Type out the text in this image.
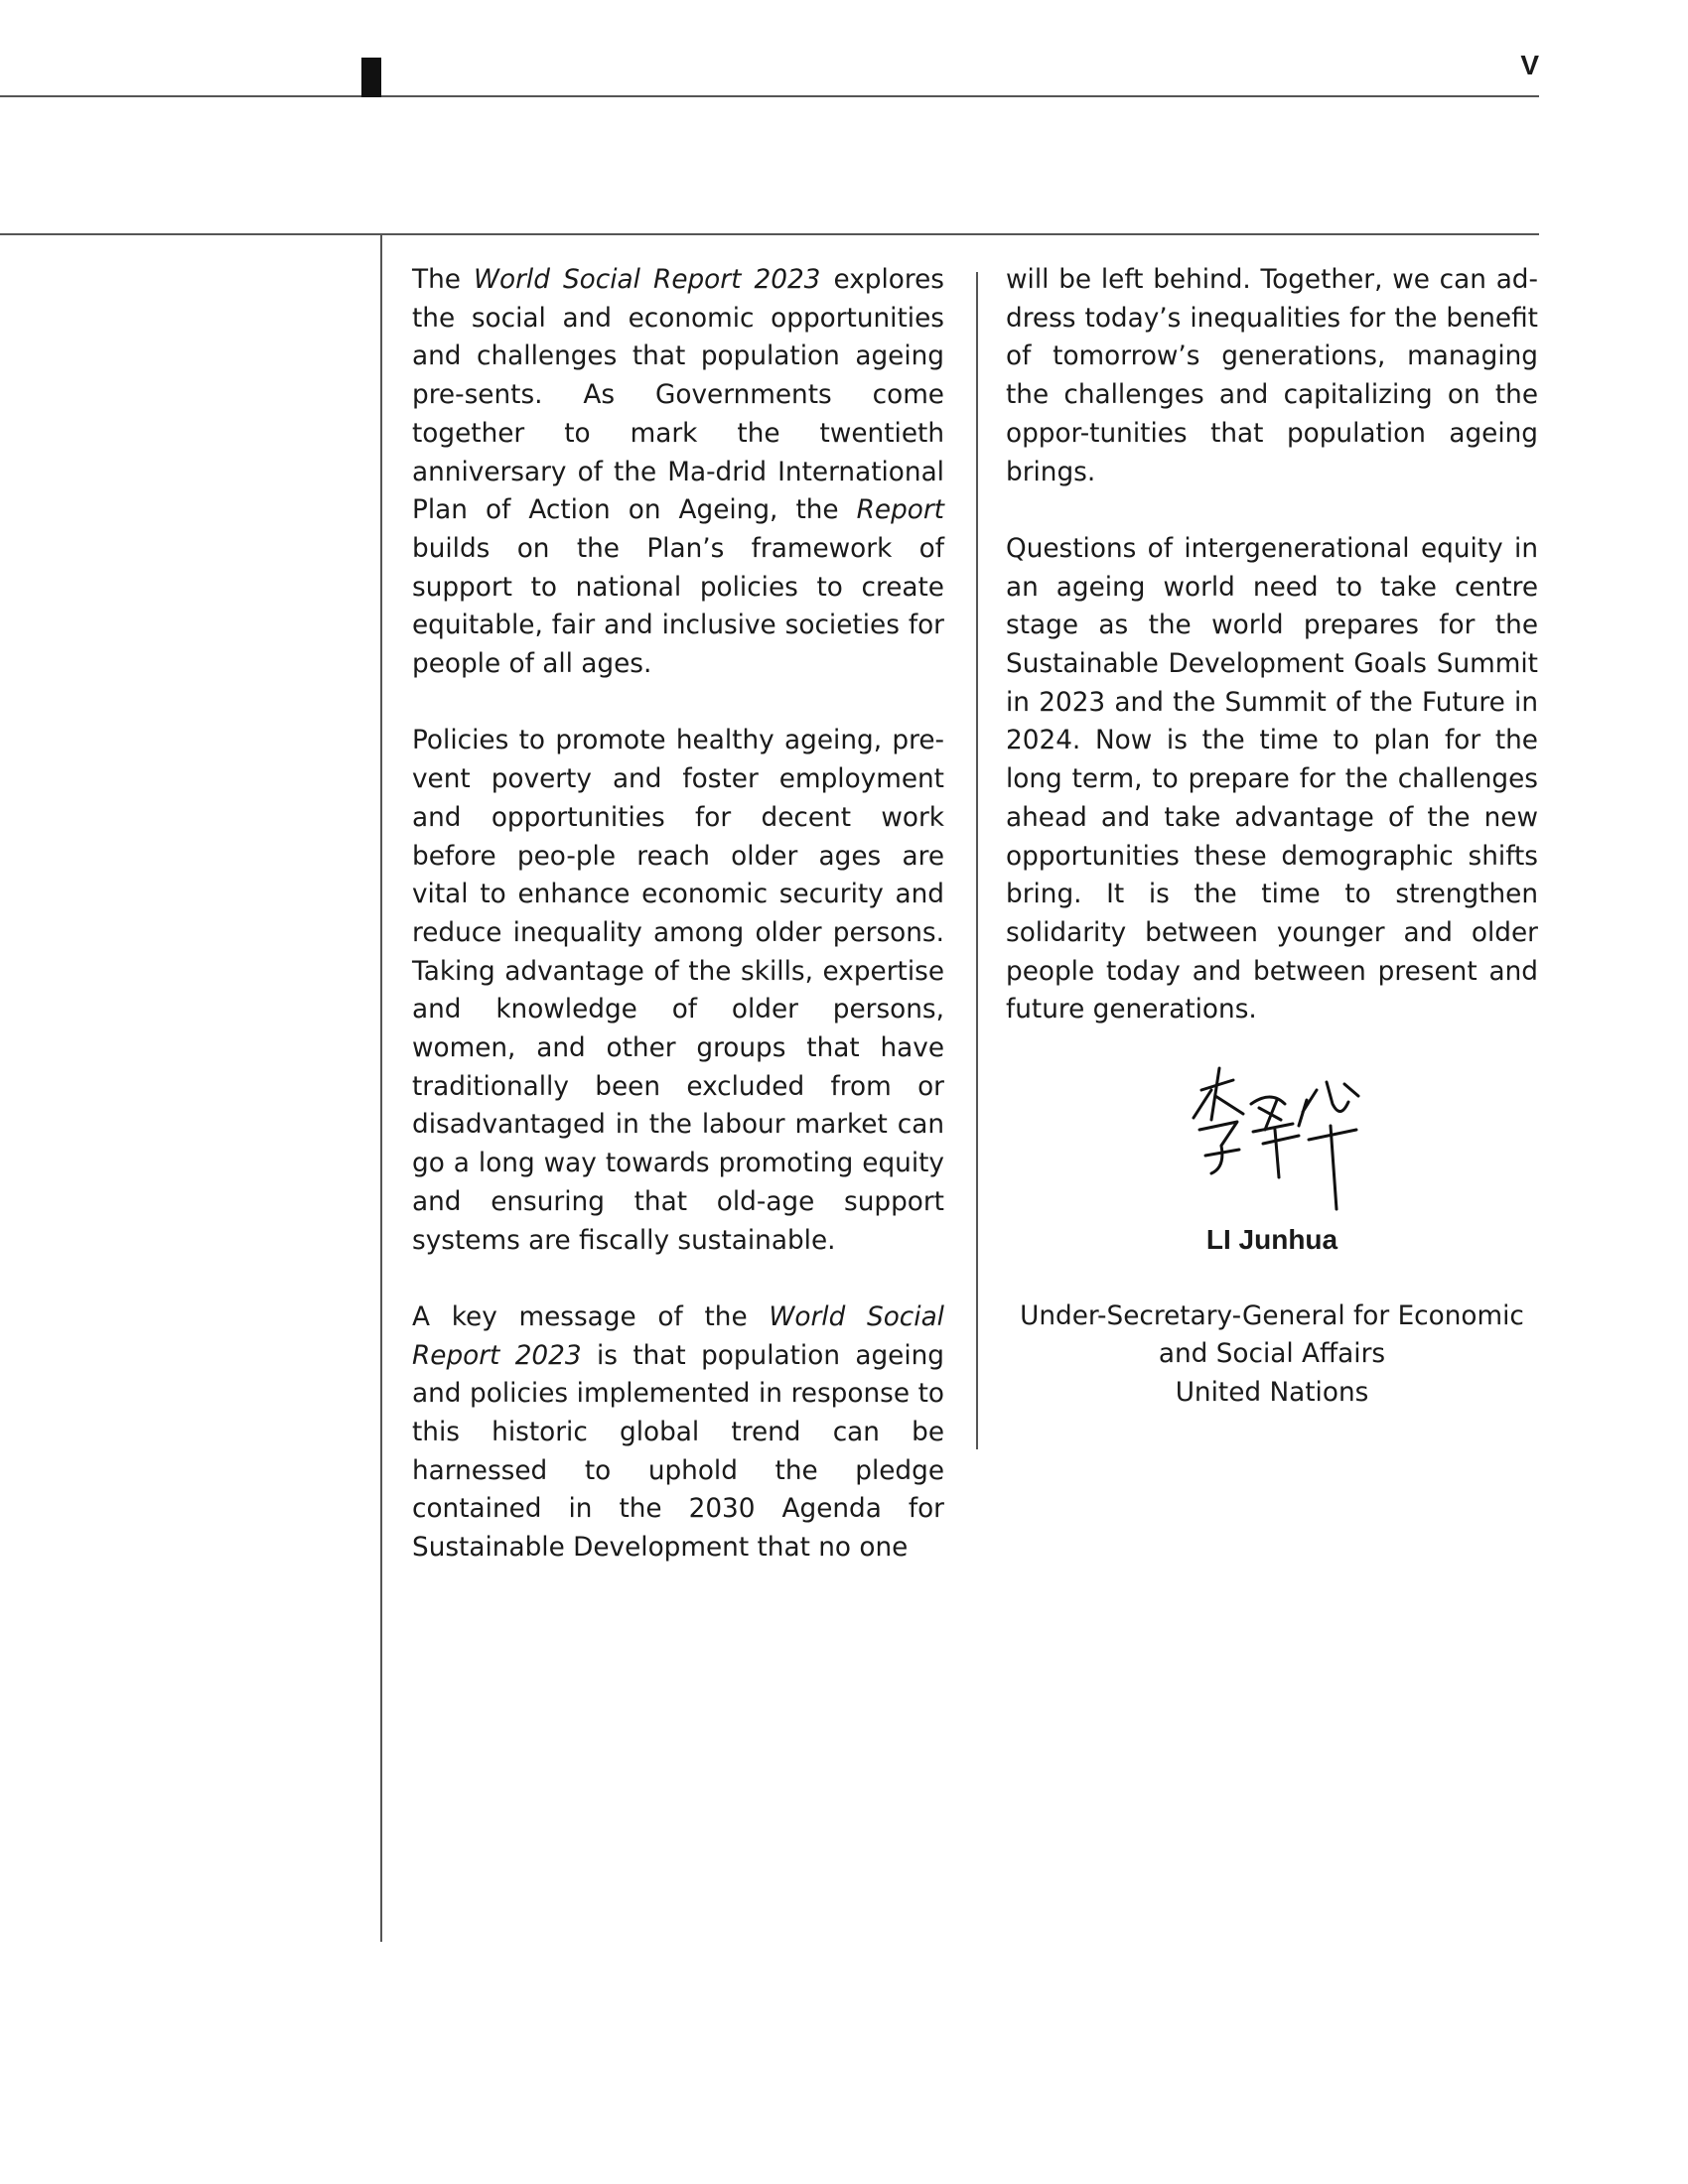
V

The World Social Report 2023 explores the social and economic opportunities and challenges that population ageing pre-sents. As Governments come together to mark the twentieth anniversary of the Ma-drid International Plan of Action on Ageing, the Report builds on the Plan’s framework of support to national policies to create equitable, fair and inclusive societies for people of all ages.

Policies to promote healthy ageing, pre-vent poverty and foster employment and opportunities for decent work before peo-ple reach older ages are vital to enhance economic security and reduce inequality among older persons. Taking advantage of the skills, expertise and knowledge of older persons, women, and other groups that have traditionally been excluded from or disadvantaged in the labour market can go a long way towards promoting equity and ensuring that old-age support systems are fiscally sustainable.

A key message of the World Social Report 2023 is that population ageing and policies implemented in response to this historic global trend can be harnessed to uphold the pledge contained in the 2030 Agenda for Sustainable Development that no one

will be left behind. Together, we can ad-dress today’s inequalities for the benefit of tomorrow’s generations, managing the challenges and capitalizing on the oppor-tunities that population ageing brings.

Questions of intergenerational equity in an ageing world need to take centre stage as the world prepares for the Sustainable Development Goals Summit in 2023 and the Summit of the Future in 2024. Now is the time to plan for the long term, to prepare for the challenges ahead and take advantage of the new opportunities these demographic shifts bring. It is the time to strengthen solidarity between younger and older people today and between present and future generations.

LI Junhua
Under-Secretary-General for Economic
and Social Affairs
United Nations
